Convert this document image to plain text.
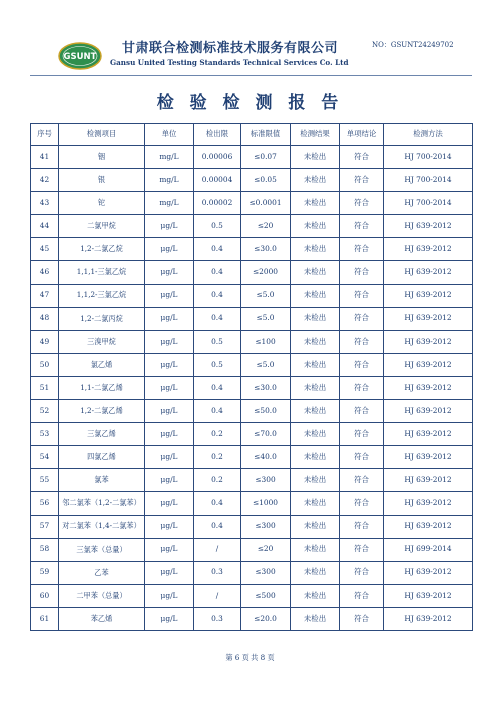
GSUNT
甘肃联合检测标准技术服务有限公司
Gansu United Testing Standards Technical Services Co. Ltd
NO：GSUNT24249702
检 验 检 测 报 告
序号	检测项目	单位	检出限	标准限值	检测结果	单项结论	检测方法
41	铟	mg/L	0.00006	≤0.07	未检出	符合	HJ 700-2014
42	银	mg/L	0.00004	≤0.05	未检出	符合	HJ 700-2014
43	铊	mg/L	0.00002	≤0.0001	未检出	符合	HJ 700-2014
44	二氯甲烷	μg/L	0.5	≤20	未检出	符合	HJ 639-2012
45	1,2-二氯乙烷	μg/L	0.4	≤30.0	未检出	符合	HJ 639-2012
46	1,1,1-三氯乙烷	μg/L	0.4	≤2000	未检出	符合	HJ 639-2012
47	1,1,2-三氯乙烷	μg/L	0.4	≤5.0	未检出	符合	HJ 639-2012
48	1,2-二氯丙烷	μg/L	0.4	≤5.0	未检出	符合	HJ 639-2012
49	三溴甲烷	μg/L	0.5	≤100	未检出	符合	HJ 639-2012
50	氯乙烯	μg/L	0.5	≤5.0	未检出	符合	HJ 639-2012
51	1,1-二氯乙烯	μg/L	0.4	≤30.0	未检出	符合	HJ 639-2012
52	1,2-二氯乙烯	μg/L	0.4	≤50.0	未检出	符合	HJ 639-2012
53	三氯乙烯	μg/L	0.2	≤70.0	未检出	符合	HJ 639-2012
54	四氯乙烯	μg/L	0.2	≤40.0	未检出	符合	HJ 639-2012
55	氯苯	μg/L	0.2	≤300	未检出	符合	HJ 639-2012
56	邻二氯苯（1,2-二氯苯）	μg/L	0.4	≤1000	未检出	符合	HJ 639-2012
57	对二氯苯（1,4-二氯苯）	μg/L	0.4	≤300	未检出	符合	HJ 639-2012
58	三氯苯（总量）	μg/L	/	≤20	未检出	符合	HJ 699-2014
59	乙苯	μg/L	0.3	≤300	未检出	符合	HJ 639-2012
60	二甲苯（总量）	μg/L	/	≤500	未检出	符合	HJ 639-2012
61	苯乙烯	μg/L	0.3	≤20.0	未检出	符合	HJ 639-2012
第 6 页 共 8 页
